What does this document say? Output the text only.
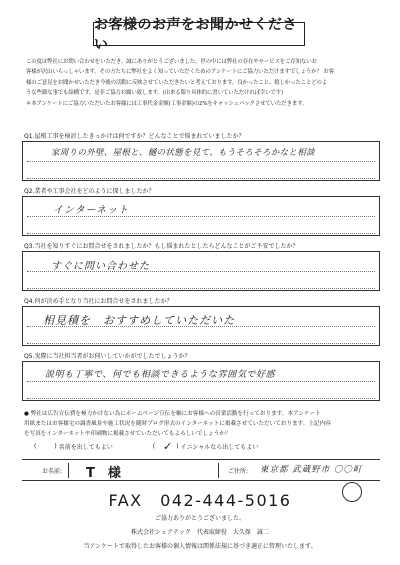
お客様のお声をお聞かせください

この度は弊社にお問い合わせをいただき、誠にありがとうございました。世の中には弊社の存在やサービスをご存知ないお

客様が沢山いらっしゃいます。その方たちに弊社をよく知っていただくためのアンケートにご協力いただけますでしょうか？ お客

様のご意見をお聞かせいただき今後の活動に反映させていただきたいと考えております。良かったこと、嬉しかったことどのよ

うな些細な事でも結構です。是非ご協力お願い致します。(出来る限り具体的に書いていただければ幸いです)

＊本アンケートにご協力いただいたお客様には工事代金金額(工事金額)の2%をキャッシュバックさせていただきます。

Q1.屋根工事を検討したきっかけは何ですか？どんなことで悩まれていましたか？
家周りの外壁、屋根と、樋の状態を見て、もうそろそろかなと相談
Q2.業者や工事会社をどのように探しましたか？
インターネット
Q3.当社を知りすぐにお問合せをされましたか？もし悩まれたとしたらどんなことがご不安でしたか？
すぐに問い合わせた
Q4.何が決め手となり当社にお問合せをされましたか？
相見積を　おすすめしていただいた
Q5.実際に当社担当者がお伺いしていかがでしたでしょうか？
説明も丁寧で、何でも相談できるような雰囲気で好感

● 弊社は広告宣伝費を極力かけない為にホームページ宣伝を軸にお客様への営業活動を行っております。本アンケート

用紙またはお客様宅の調査風景や施工状況を随時ブログ形式のインターネットに掲載させていただいております。上記内容

を写真をインターネットや印刷物に掲載させていただいてもよろしいでしょうか？

(	) 名前を出してもよい	( ✓ ) イニシャルなら出してもよい
お名前: T　様	ご住所: 東京都 武蔵野市 〇〇町
FAX　042-444-5016
ご協力ありがとうございました。
株式会社シェアテック　代表取締役　大久保　誠二
当アンケートで取得したお客様の個人情報は関係法規に基づき適正に管理いたします。
